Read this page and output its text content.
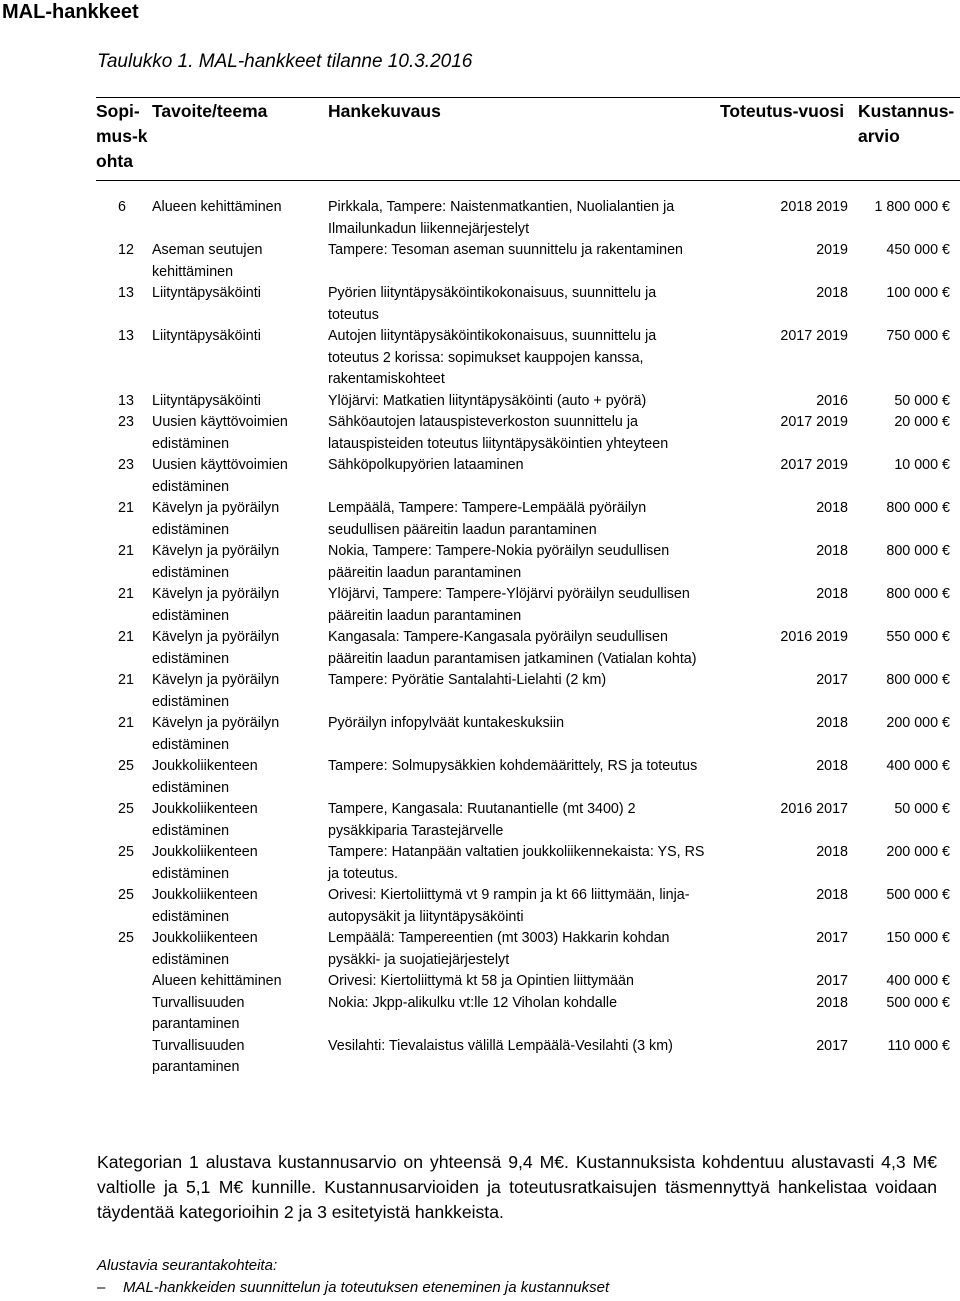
MAL-hankkeet
Taulukko 1. MAL-hankkeet tilanne 10.3.2016
Sopi-mus-kohta	Tavoite/teema	Hankekuvaus	Toteutus-vuosi	Kustannus-arvio

6	Alueen kehittäminen	Pirkkala, Tampere: Naistenmatkantien, Nuolialantien ja Ilmailunkadun liikennejärjestelyt	2018 2019	1 800 000 €
12	Aseman seutujen kehittäminen	Tampere: Tesoman aseman suunnittelu ja rakentaminen	2019	450 000 €
13	Liityntäpysäköinti	Pyörien liityntäpysäköintikokonaisuus, suunnittelu ja toteutus	2018	100 000 €
13	Liityntäpysäköinti	Autojen liityntäpysäköintikokonaisuus, suunnittelu ja toteutus 2 korissa: sopimukset kauppojen kanssa, rakentamiskohteet	2017 2019	750 000 €
13	Liityntäpysäköinti	Ylöjärvi: Matkatien liityntäpysäköinti (auto + pyörä)	2016	50 000 €
23	Uusien käyttövoimien edistäminen	Sähköautojen latauspisteverkoston suunnittelu ja latauspisteiden toteutus liityntäpysäköintien yhteyteen	2017 2019	20 000 €
23	Uusien käyttövoimien edistäminen	Sähköpolkupyörien lataaminen	2017 2019	10 000 €
21	Kävelyn ja pyöräilyn edistäminen	Lempäälä, Tampere: Tampere-Lempäälä pyöräilyn seudullisen pääreitin laadun parantaminen	2018	800 000 €
21	Kävelyn ja pyöräilyn edistäminen	Nokia, Tampere: Tampere-Nokia pyöräilyn seudullisen pääreitin laadun parantaminen	2018	800 000 €
21	Kävelyn ja pyöräilyn edistäminen	Ylöjärvi, Tampere: Tampere-Ylöjärvi pyöräilyn seudullisen pääreitin laadun parantaminen	2018	800 000 €
21	Kävelyn ja pyöräilyn edistäminen	Kangasala: Tampere-Kangasala pyöräilyn seudullisen pääreitin laadun parantamisen jatkaminen (Vatialan kohta)	2016 2019	550 000 €
21	Kävelyn ja pyöräilyn edistäminen	Tampere: Pyörätie Santalahti-Lielahti (2 km)	2017	800 000 €
21	Kävelyn ja pyöräilyn edistäminen	Pyöräilyn infopylväät kuntakeskuksiin	2018	200 000 €
25	Joukkoliikenteen edistäminen	Tampere: Solmupysäkkien kohdemäärittely, RS ja toteutus	2018	400 000 €
25	Joukkoliikenteen edistäminen	Tampere, Kangasala: Ruutanantielle (mt 3400) 2 pysäkkiparia Tarastejärvelle	2016 2017	50 000 €
25	Joukkoliikenteen edistäminen	Tampere: Hatanpään valtatien joukkoliikennekaista: YS, RS ja toteutus.	2018	200 000 €
25	Joukkoliikenteen edistäminen	Orivesi: Kiertoliittymä vt 9 rampin ja kt 66 liittymään, linja-autopysäkit ja liityntäpysäköinti	2018	500 000 €
25	Joukkoliikenteen edistäminen	Lempäälä: Tampereentien (mt 3003) Hakkarin kohdan pysäkki- ja suojatiejärjestelyt	2017	150 000 €
	Alueen kehittäminen	Orivesi: Kiertoliittymä kt 58 ja Opintien liittymään	2017	400 000 €
	Turvallisuuden parantaminen	Nokia: Jkpp-alikulku vt:lle 12 Viholan kohdalle	2018	500 000 €
	Turvallisuuden parantaminen	Vesilahti: Tievalaistus välillä Lempäälä-Vesilahti (3 km)	2017	110 000 €
Kategorian 1 alustava kustannusarvio on yhteensä 9,4 M€. Kustannuksista kohdentuu alustavasti 4,3 M€ valtiolle ja 5,1 M€ kunnille. Kustannusarvioiden ja toteutusratkaisujen täsmennyttyä hankelistaa voidaan täydentää kategorioihin 2 ja 3 esitetyistä hankkeista.
Alustavia seurantakohteita:
– MAL-hankkeiden suunnittelun ja toteutuksen eteneminen ja kustannukset
